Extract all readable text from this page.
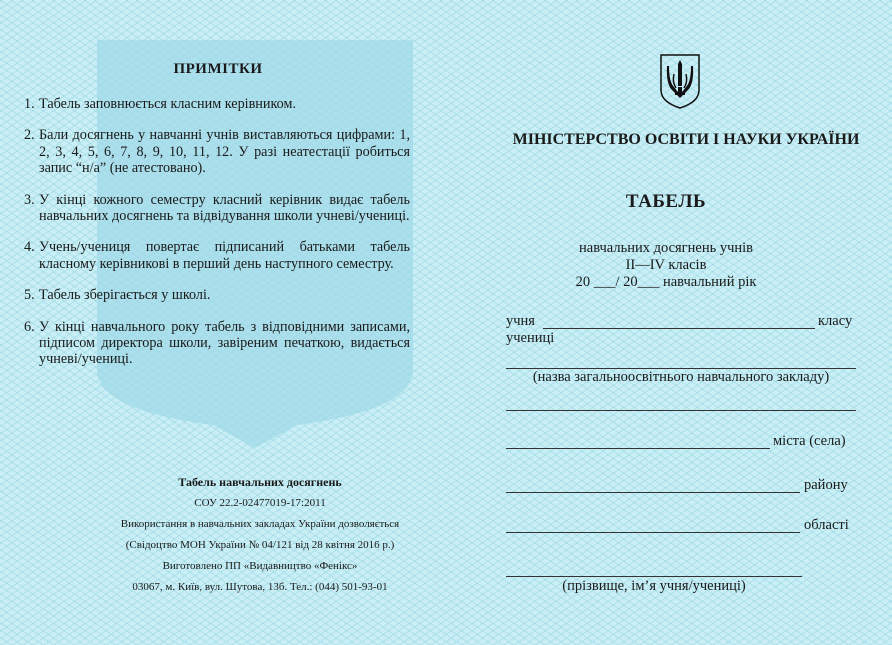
ПРИМІТКИ
1. Табель заповнюється класним керівником.
2. Бали досягнень у навчанні учнів виставляються цифрами: 1, 2, 3, 4, 5, 6, 7, 8, 9, 10, 11, 12. У разі неатестації робиться запис “н/а” (не атестовано).
3. У кінці кожного семестру класний керівник видає табель навчальних досягнень та відвідування школи учневі/учениці.
4. Учень/учениця повертає підписаний батьками табель класному керівникові в перший день наступного семестру.
5. Табель зберігається у школі.
6. У кінці навчального року табель з відповідними записами, підписом директора школи, завіреним печаткою, видається учневі/учениці.
Табель навчальних досягнень
СОУ 22.2-02477019-17:2011
Використання в навчальних закладах України дозволяється
(Свідоцтво МОН України № 04/121 від 28 квітня 2016 р.)
Виготовлено ПП «Видавництво «Фенікс»
03067, м. Київ, вул. Шутова, 13б. Тел.: (044) 501-93-01
МІНІСТЕРСТВО ОСВІТИ І НАУКИ УКРАЇНИ
ТАБЕЛЬ
навчальних досягнень учнів
II—IV класів
20 ___/ 20___ навчальний рік
учня	класу
учениці
(назва загальноосвітнього навчального закладу)
міста (села)
району
області
(прізвище, ім’я учня/учениці)
